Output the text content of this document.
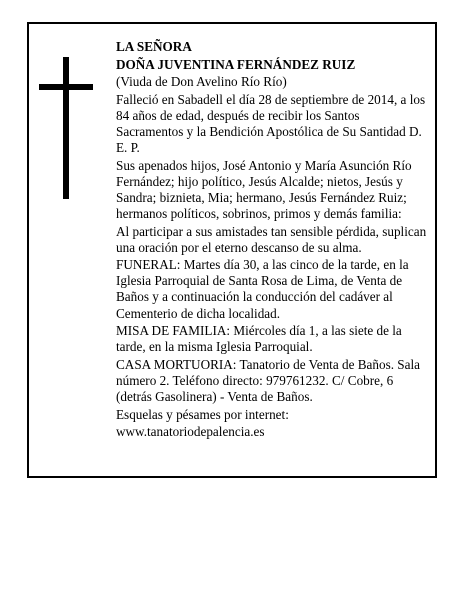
LA SEÑORA

DOÑA JUVENTINA FERNÁNDEZ RUIZ

(Viuda de Don Avelino Río Río)

Falleció en Sabadell el día 28 de septiembre de 2014, a los 84 años de edad, después de recibir los Santos Sacramentos y la Bendición Apostólica de Su Santidad D. E. P.

Sus apenados hijos, José Antonio y María Asunción Río Fernández; hijo político, Jesús Alcalde; nietos, Jesús y Sandra; biznieta, Mia; hermano, Jesús Fernández Ruiz; hermanos políticos, sobrinos, primos y demás familia:

Al participar a sus amistades tan sensible pérdida, suplican una oración por el eterno descanso de su alma.

FUNERAL: Martes día 30, a las cinco de la tarde, en la Iglesia Parroquial de Santa Rosa de Lima, de Venta de Baños y a continuación la conducción del cadáver al Cementerio de dicha localidad.

MISA DE FAMILIA: Miércoles día 1, a las siete de la tarde, en la misma Iglesia Parroquial.

CASA MORTUORIA: Tanatorio de Venta de Baños. Sala número 2. Teléfono directo: 979761232. C/ Cobre, 6 (detrás Gasolinera) - Venta de Baños.

Esquelas y pésames por internet:

www.tanatoriodepalencia.es
